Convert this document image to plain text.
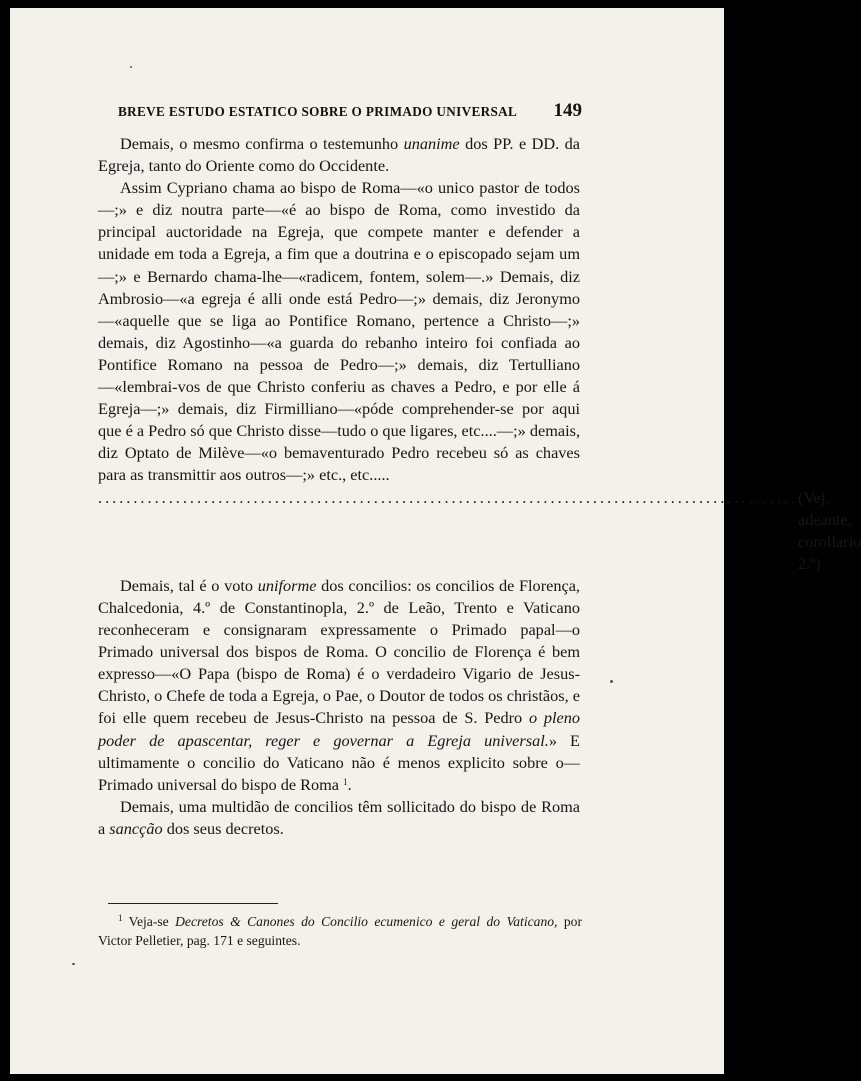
BREVE ESTUDO ESTATICO SOBRE O PRIMADO UNIVERSAL 149

Demais, o mesmo confirma o testemunho unanime dos PP. e DD. da Egreja, tanto do Oriente como do Occidente.

Assim Cypriano chama ao bispo de Roma—«o unico pastor de todos—;» e diz noutra parte—«é ao bispo de Roma, como investido da principal auctoridade na Egreja, que compete manter e defender a unidade em toda a Egreja, a fim que a doutrina e o episcopado sejam um—;» e Bernardo chama-lhe—«radicem, fontem, solem—.» Demais, diz Ambrosio—«a egreja é alli onde está Pedro—;» demais, diz Jeronymo—«aquelle que se liga ao Pontifice Romano, pertence a Christo—;» demais, diz Agostinho—«a guarda do rebanho inteiro foi confiada ao Pontifice Romano na pessoa de Pedro—;» demais, diz Tertulliano—«lembrai-vos de que Christo conferiu as chaves a Pedro, e por elle á Egreja—;» demais, diz Firmilliano—«póde comprehender-se por aqui que é a Pedro só que Christo disse—tudo o que ligares, etc....—;» demais, diz Optato de Milève—«o bemaventurado Pedro recebeu só as chaves para as transmittir aos outros—;» etc., etc.....

................................................................................................... (Vej. adeante, corollario 2.º)

Demais, tal é o voto uniforme dos concilios: os concilios de Florença, Chalcedonia, 4.º de Constantinopla, 2.º de Leão, Trento e Vaticano reconheceram e consignaram expressamente o Primado papal—o Primado universal dos bispos de Roma. O concilio de Florença é bem expresso—«O Papa (bispo de Roma) é o verdadeiro Vigario de Jesus-Christo, o Chefe de toda a Egreja, o Pae, o Doutor de todos os christãos, e foi elle quem recebeu de Jesus-Christo na pessoa de S. Pedro o pleno poder de apascentar, reger e governar a Egreja universal.» E ultimamente o concilio do Vaticano não é menos explicito sobre o—Primado universal do bispo de Roma $^1$.

Demais, uma multidão de concilios têm sollicitado do bispo de Roma a sancção dos seus decretos.

$^1$ Veja-se Decretos & Canones do Concilio ecumenico e geral do Vaticano, por Victor Pelletier, pag. 171 e seguintes.
